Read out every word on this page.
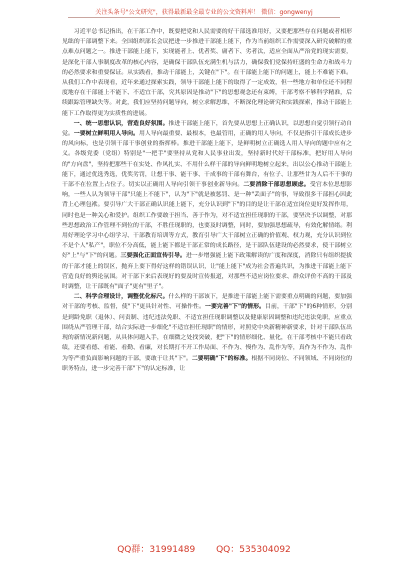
关注头条号"公文研究"，获得最新最全最专业的公文资料库！ 微信：gongwenyj

习近平总书记指出，在干部工作中，既要把党和人民需要的好干部选准用好，又要把那些存在问题或者相形见绌的干部调整下来。全国组织部长会议把进一步推进干部能上能下，作为当前组织工作需要深入研究破解的重点难点问题之一。推进干部能上能下，实现能者上、优者奖、庸者下、劣者汰，适应全面从严治党的现实需要，是深化干部人事制度改革的核心内容，是确保干部队伍充满生机与活力，确保我们党保持旺盛的生命力和战斗力的必然要求和重要保证。从实践看，推动干部能上，关键在"下"。在干部能上能下的问题上，能上不难能下难。从我们工作中表现看，近年来通过探索实践，领导干部能上能下的取得了一定成效，但一些地方和单位还不同程度地存在干部能上不能下、不适宜干部，究其原因是推动"下"的思想观念还有束缚，干部考察不够科学精准，后续跟踪管理缺失等。对此，我们应坚持问题导向，树立求解思维，不断深化理论研究和实践探索，推动干部能上能下工作取得更为实质性的进展。

一、统一思想认识，营造良好氛围。推进干部能上能下，首先要从思想上正确认识，以思想自觉引领行动自觉。一要树立鲜明用人导向。用人导向最重要、最根本，也最管用，正确的用人导向，不仅是指引干部成长进步的风向标，也是引领干部干事创业的指挥棒。推进干部能上能下，是鲜明树立正确选人用人导向的题中应有之义。各级党委（党组）特别是"一把手"要坚持从党和人民事业出发，坚持新时代好干部标准，把好用人导向的"方向盘"，坚持把那些干在实处、作风扎实、不用什么样干部的导向鲜明地树立起来，出以公心推动干部能上能下，通过优选秀选，优奖劣罚，让想干事、能干事、干成事的干部有舞台，有位子、让那些甘为人后不干事的干部不在位置上占位子。切实以正确用人导向引领干事创业新导向。二要消除干部思想顾虑。受官本位思想影响，一些人认为领导干部"只能上不能下"，认为"下"就是被惩罚、是一种"丢面子"的事，导致很多干部担心因此背上心理包袱。要引导广大干部正确认识能上能下，充分认识到"下"的目的是让干部在适宜岗位更好发挥作用，同时也是一种关心和爱护。组织工作要敢于担当、善于作为，对不适宜担任现职的干部，要坚决予以调整，对那些思想政治工作管理不到位的干部，不胜任现职的，也要及时调整，同时，要加强思想疏导，有效化解情绪。利用好理论学习中心组学习、干部教育培训等方式，教育引导广大干部树立正确的价值观、权力观，充分认识到位不是个人"私产"，职位不分高低，能上能下都是干部正常的成长路径，是干部队伍建设的必然要求，使干部树立好"上"与"下"的问题。三要强化正面宣传引导。进一步增强能上能下政策解读的广度和深度，消除只有组织提拔的干部才能上的误区，抛弃上要下得好这样的错误认识，让"能上能下"成为社会普遍共识，为推进干部能上能下营造良好的舆论氛围。对干部下来后表现好的要及时宣传报道，对那些不适应岗位要求、群众评价不高的干部及时调整，让干部既有"面子"更有"里子"。

二、科学合理设计，调整优化标尺。什么样的干部该下，是推进干部能上能下需要重点明确的问题，要加强对干部的考核、监督，使"下"更具针对性、可操作性。一要完善"下"的情形。目前，干部"下"的6种情形，分别是到龄免职（退休）、问责制、违纪违法免职、不适宜担任现职调整以及健康原因调整和违纪违法免职，应重点围绕从严管理干部，结合实际进一步细化"不适宜担任现职"的情形，对照党中央新精神新要求，针对干部队伍出现的新情况新问题，从具体问题入手，在细微之处找突破，把"下"的情形细化、量化，在干部考核中不能只看政绩，还要看德、看能、看勤、看廉，对长期打不开工作局面、不作为、慢作为、乱作为等，真作为不作为、乱作为等严重负面影响问题的干部，要敢于让其"下"。二要明确"下"的标准。根据不同岗位、不同领域、不同岗位的职务特点，进一步完善干部"下"的认定标准，让

QQ群：31991489 QQ：535304092
